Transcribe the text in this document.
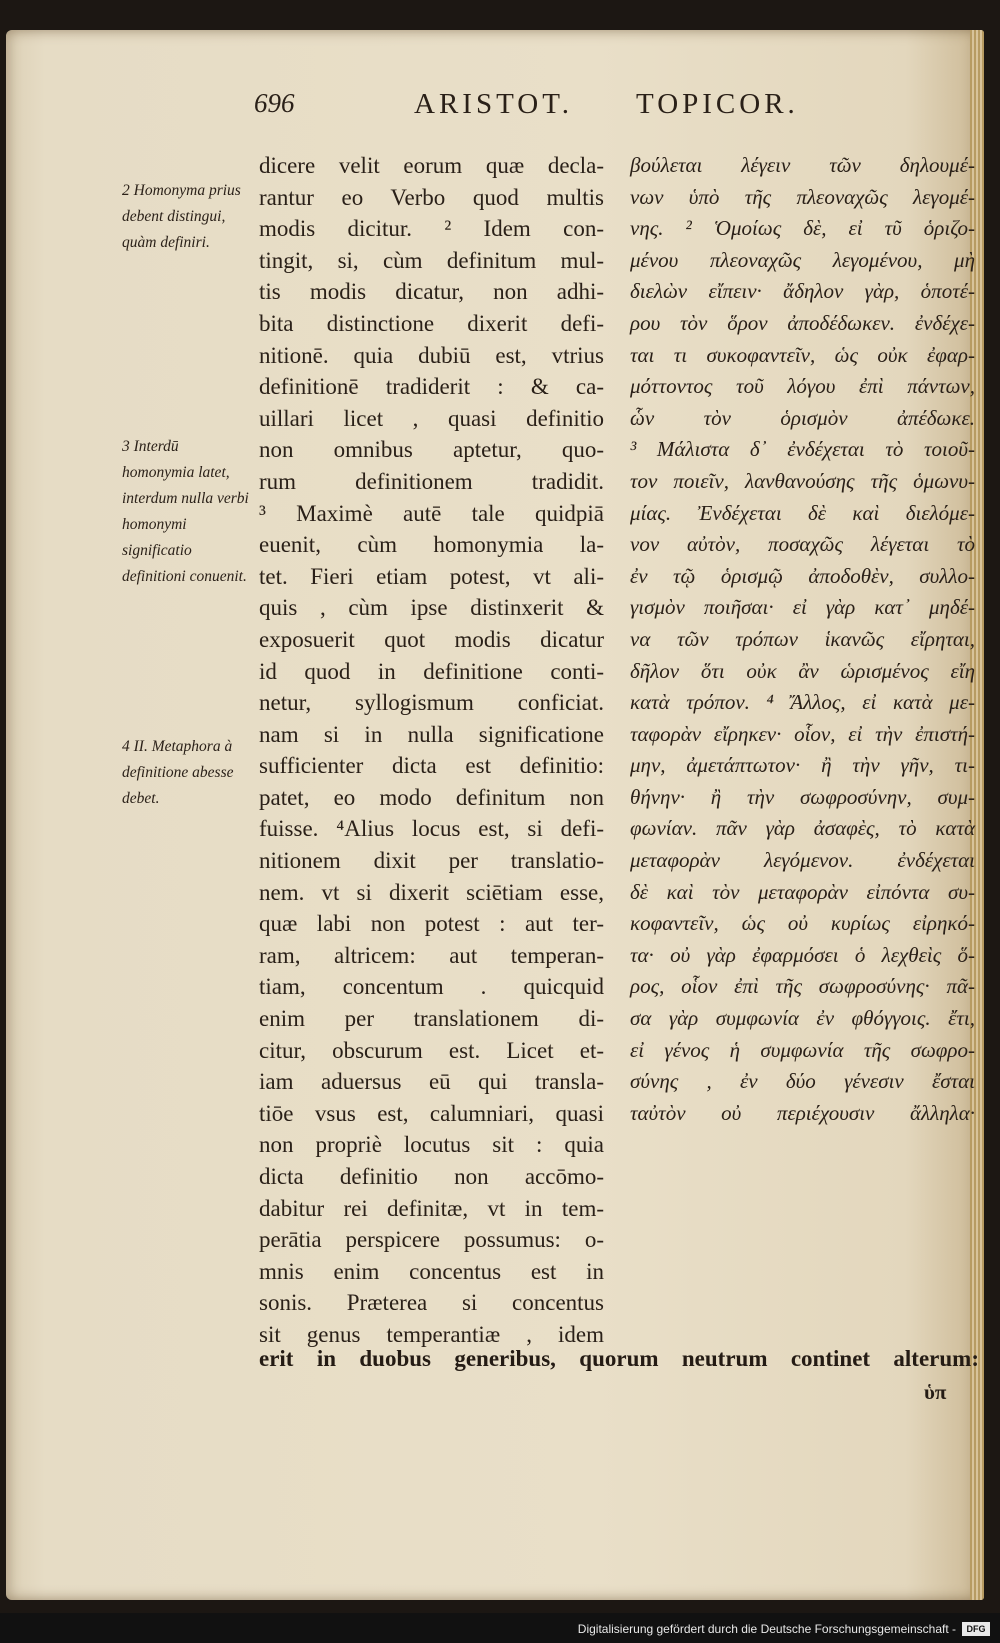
696	ARISTOT. TOPICOR.
2 Homonyma prius debent distingui, quàm definiri.
3 Interdū homonymia latet, interdum nulla verbi homonymi significatio definitioni conuenit.
4 II. Metaphora à definitione abesse debet.
dicere velit eorum quæ decla-
rantur eo Verbo quod multis
modis dicitur. ² Idem con-
tingit, si, cùm definitum mul-
tis modis dicatur, non adhi-
bita distinctione dixerit defi-
nitionē. quia dubiū est, vtrius
definitionē tradiderit : & ca-
uillari licet , quasi definitio
non omnibus aptetur, quo-
rum definitionem tradidit.
³ Maximè autē tale quidpiā
euenit, cùm homonymia la-
tet. Fieri etiam potest, vt ali-
quis , cùm ipse distinxerit &
exposuerit quot modis dicatur
id quod in definitione conti-
netur, syllogismum conficiat.
nam si in nulla significatione
sufficienter dicta est definitio:
patet, eo modo definitum non
fuisse. ⁴Alius locus est, si defi-
nitionem dixit per translatio-
nem. vt si dixerit sciētiam esse,
quæ labi non potest : aut ter-
ram, altricem: aut temperan-
tiam, concentum . quicquid
enim per translationem di-
citur, obscurum est. Licet et-
iam aduersus eū qui transla-
tiōe vsus est, calumniari, quasi
non propriè locutus sit : quia
dicta definitio non accōmo-
dabitur rei definitæ, vt in tem-
perātia perspicere possumus: o-
mnis enim concentus est in
sonis. Præterea si concentus
sit genus temperantiæ , idem
βούλεται λέγειν τῶν δηλουμέ-
νων ὑπὸ τῆς πλεοναχῶς λεγομέ-
νης. ² Ὁμοίως δὲ, εἰ τῦ ὁριζο-
μένου πλεοναχῶς λεγομένου, μὴ
διελὼν εἴπειν· ἄδηλον γὰρ, ὁποτέ-
ρου τὸν ὅρον ἀποδέδωκεν. ἐνδέχε-
ται τι συκοφαντεῖν, ὡς οὐκ ἐφαρ-
μόττοντος τοῦ λόγου ἐπὶ πάντων,
ὧν τὸν ὁρισμὸν ἀπέδωκε.
³ Μάλιστα δ᾽ ἐνδέχεται τὸ τοιοῦ-
τον ποιεῖν, λανθανούσης τῆς ὁμωνυ-
μίας. Ἐνδέχεται δὲ καὶ διελόμε-
νον αὐτὸν, ποσαχῶς λέγεται τὸ
ἐν τῷ ὁρισμῷ ἀποδοθὲν, συλλο-
γισμὸν ποιῆσαι· εἰ γὰρ κατ᾽ μηδέ-
να τῶν τρόπων ἱκανῶς εἴρηται,
δῆλον ὅτι οὐκ ἂν ὡρισμένος εἴη
κατὰ τρόπον. ⁴ Ἄλλος, εἰ κατὰ με-
ταφορὰν εἴρηκεν· οἷον, εἰ τὴν ἐπιστή-
μην, ἀμετάπτωτον· ἢ τὴν γῆν, τι-
θήνην· ἢ τὴν σωφροσύνην, συμ-
φωνίαν. πᾶν γὰρ ἀσαφὲς, τὸ κατὰ
μεταφορὰν λεγόμενον. ἐνδέχεται
δὲ καὶ τὸν μεταφορὰν εἰπόντα συ-
κοφαντεῖν, ὡς οὐ κυρίως εἰρηκό-
τα· οὐ γὰρ ἐφαρμόσει ὁ λεχθεὶς ὅ-
ρος, οἷον ἐπὶ τῆς σωφροσύνης· πᾶ-
σα γὰρ συμφωνία ἐν φθόγγοις. ἔτι,
εἰ γένος ἡ συμφωνία τῆς σωφρο-
σύνης , ἐν δύο γένεσιν ἔσται
ταὐτὸν οὐ περιέχουσιν ἄλληλα·
erit in duobus generibus, quorum neutrum continet alterum:
ὑπ
Digitalisierung gefördert durch die Deutsche Forschungsgemeinschaft -	DFG
